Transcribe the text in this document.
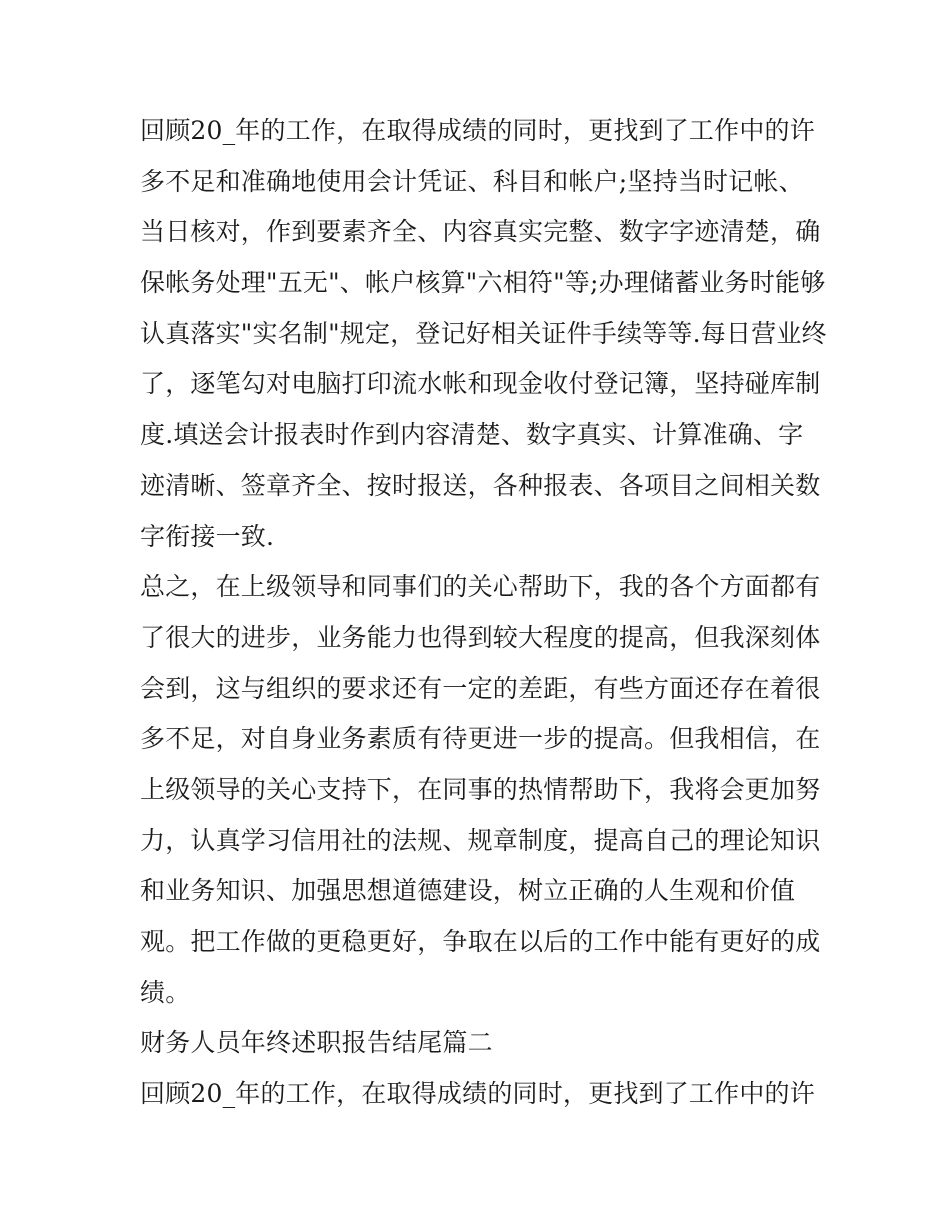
回顾20_年的工作，在取得成绩的同时，更找到了工作中的许
多不足和准确地使用会计凭证、科目和帐户;坚持当时记帐、
当日核对，作到要素齐全、内容真实完整、数字字迹清楚，确
保帐务处理"五无"、帐户核算"六相符"等;办理储蓄业务时能够
认真落实"实名制"规定，登记好相关证件手续等等.每日营业终
了，逐笔勾对电脑打印流水帐和现金收付登记簿，坚持碰库制
度.填送会计报表时作到内容清楚、数字真实、计算准确、字
迹清晰、签章齐全、按时报送，各种报表、各项目之间相关数
字衔接一致.
总之，在上级领导和同事们的关心帮助下，我的各个方面都有
了很大的进步，业务能力也得到较大程度的提高，但我深刻体
会到，这与组织的要求还有一定的差距，有些方面还存在着很
多不足，对自身业务素质有待更进一步的提高。但我相信，在
上级领导的关心支持下，在同事的热情帮助下，我将会更加努
力，认真学习信用社的法规、规章制度，提高自己的理论知识
和业务知识、加强思想道德建设，树立正确的人生观和价值
观。把工作做的更稳更好，争取在以后的工作中能有更好的成
绩。
财务人员年终述职报告结尾篇二
回顾20_年的工作，在取得成绩的同时，更找到了工作中的许
